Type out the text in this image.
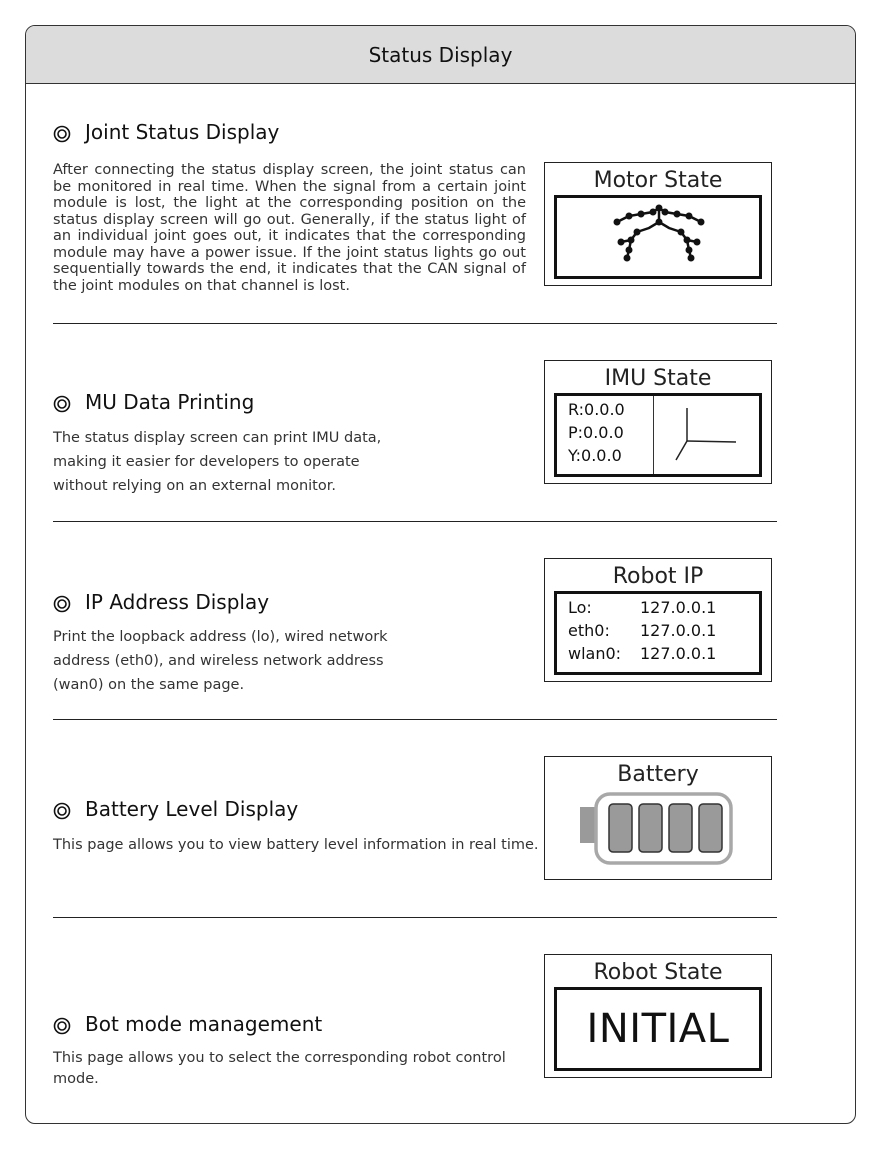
Status Display
Joint Status Display
After connecting the status display screen, the joint status can be monitored in real time. When the signal from a certain joint module is lost, the light at the corresponding position on the status display screen will go out. Generally, if the status light of an individual joint goes out, it indicates that the corresponding module may have a power issue. If the joint status lights go out sequentially towards the end, it indicates that the CAN signal of the joint modules on that channel is lost.
Motor State
MU Data Printing
The status display screen can print IMU data,
making it easier for developers to operate
without relying on an external monitor.
IMU State
R:0.0.0
P:0.0.0
Y:0.0.0
IP Address Display
Print the loopback address (lo), wired network
address (eth0), and wireless network address
(wan0) on the same page.
Robot IP
Lo:	127.0.0.1
eth0: 127.0.0.1
wlan0: 127.0.0.1
Battery Level Display
This page allows you to view battery level information in real time.
Battery
Bot mode management
This page allows you to select the corresponding robot control mode.
Robot State
INITIAL
